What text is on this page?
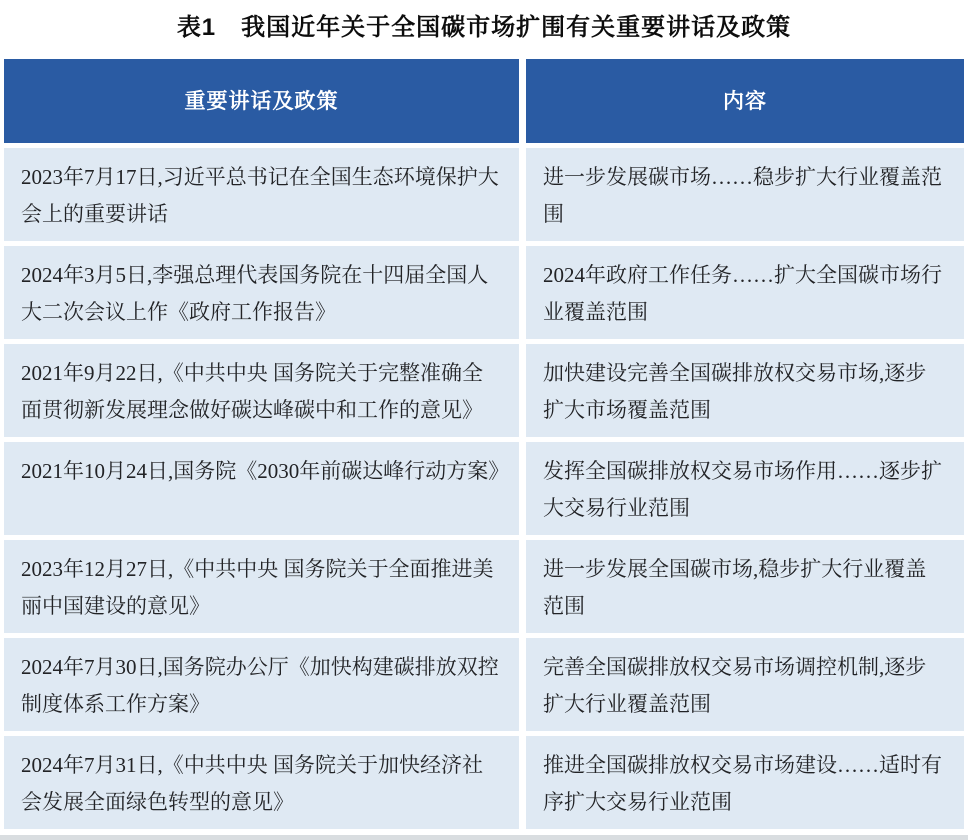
表1　我国近年关于全国碳市场扩围有关重要讲话及政策
重要讲话及政策	内容
2023年7月17日,习近平总书记在全国生态环境保护大会上的重要讲话
进一步发展碳市场……稳步扩大行业覆盖范围
2024年3月5日,李强总理代表国务院在十四届全国人大二次会议上作《政府工作报告》
2024年政府工作任务……扩大全国碳市场行业覆盖范围
2021年9月22日,《中共中央 国务院关于完整准确全面贯彻新发展理念做好碳达峰碳中和工作的意见》
加快建设完善全国碳排放权交易市场,逐步扩大市场覆盖范围
2021年10月24日,国务院《2030年前碳达峰行动方案》	发挥全国碳排放权交易市场作用……逐步扩大交易行业范围
2023年12月27日,《中共中央 国务院关于全面推进美丽中国建设的意见》
进一步发展全国碳市场,稳步扩大行业覆盖范围
2024年7月30日,国务院办公厅《加快构建碳排放双控制度体系工作方案》
完善全国碳排放权交易市场调控机制,逐步扩大行业覆盖范围
2024年7月31日,《中共中央 国务院关于加快经济社会发展全面绿色转型的意见》
推进全国碳排放权交易市场建设……适时有序扩大交易行业范围
